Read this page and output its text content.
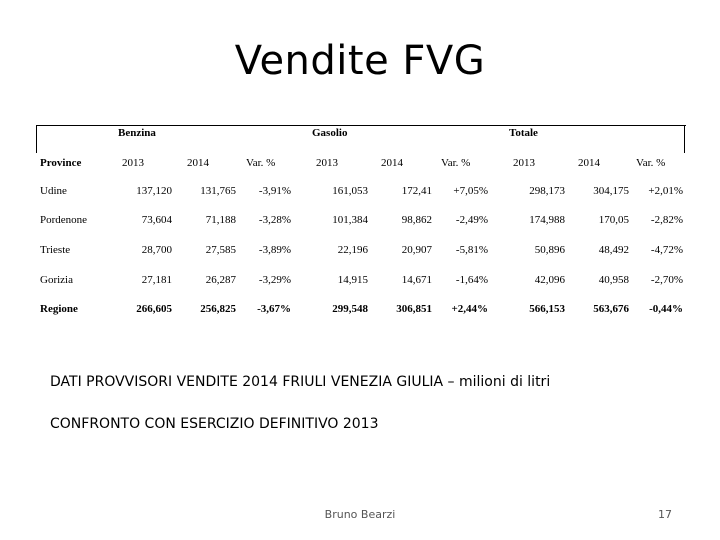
Vendite FVG
Benzina	Gasolio	Totale
Province	2013	2014	Var. %	2013	2014	Var. %	2013	2014	Var. %
Udine	137,120	131,765	-3,91%	161,053	172,41	+7,05%	298,173	304,175	+2,01%
Pordenone	73,604	71,188	-3,28%	101,384	98,862	-2,49%	174,988	170,05	-2,82%
Trieste	28,700	27,585	-3,89%	22,196	20,907	-5,81%	50,896	48,492	-4,72%
Gorizia	27,181	26,287	-3,29%	14,915	14,671	-1,64%	42,096	40,958	-2,70%
Regione	266,605	256,825	-3,67%	299,548	306,851	+2,44%	566,153	563,676	-0,44%
DATI PROVVISORI VENDITE 2014 FRIULI VENEZIA GIULIA – milioni di litri
CONFRONTO CON ESERCIZIO DEFINITIVO 2013
Bruno Bearzi	17
